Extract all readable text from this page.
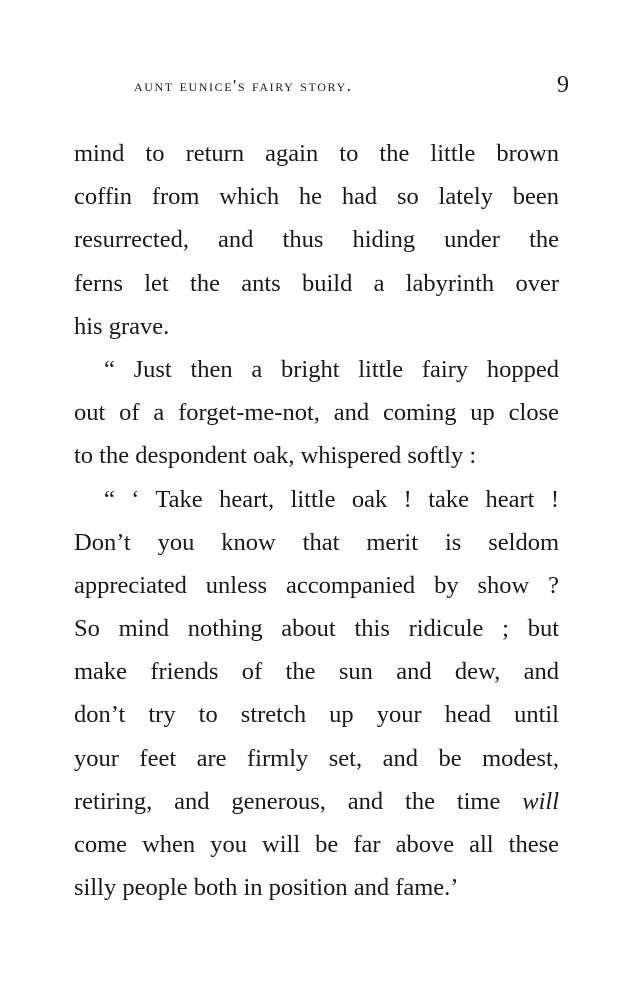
aunt eunice's fairy story.	9
mind to return again to the little brown
coffin from which he had so lately been
resurrected, and thus hiding under the
ferns let the ants build a labyrinth over
his grave.
“ Just then a bright little fairy hopped
out of a forget-me-not, and coming up close
to the despondent oak, whispered softly :
“ ‘ Take heart, little oak ! take heart !
Don’t you know that merit is seldom
appreciated unless accompanied by show ?
So mind nothing about this ridicule ; but
make friends of the sun and dew, and
don’t try to stretch up your head until
your feet are firmly set, and be modest,
retiring, and generous, and the time will
come when you will be far above all these
silly people both in position and fame.’
